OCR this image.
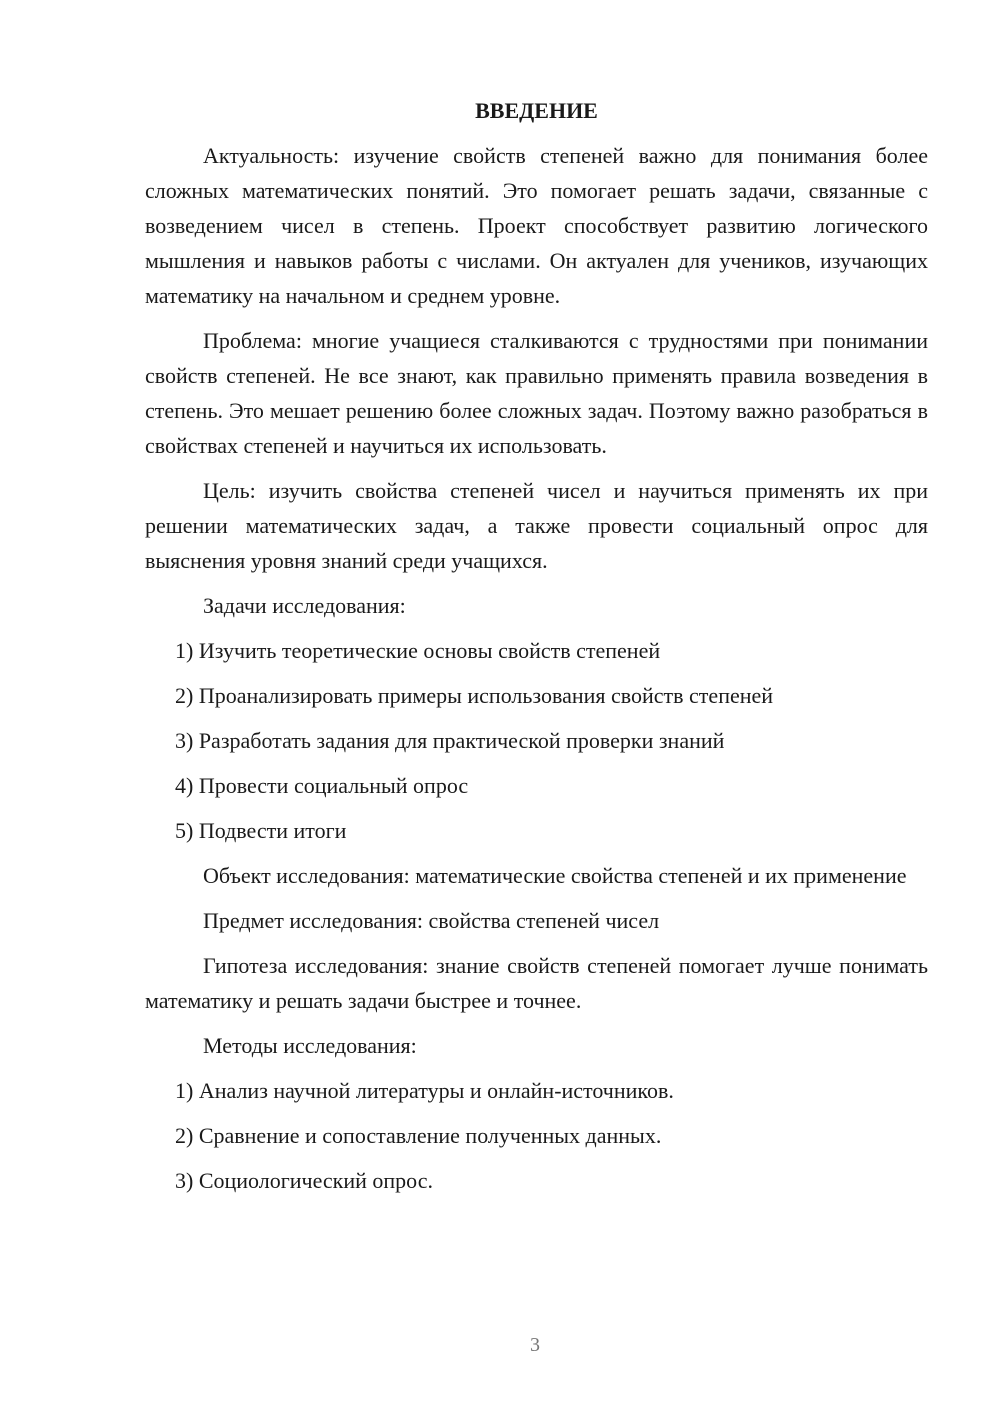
ВВЕДЕНИЕ

Актуальность: изучение свойств степеней важно для понимания более сложных математических понятий. Это помогает решать задачи, связанные с возведением чисел в степень. Проект способствует развитию логического мышления и навыков работы с числами. Он актуален для учеников, изучающих математику на начальном и среднем уровне.

Проблема: многие учащиеся сталкиваются с трудностями при понимании свойств степеней. Не все знают, как правильно применять правила возведения в степень. Это мешает решению более сложных задач. Поэтому важно разобраться в свойствах степеней и научиться их использовать.

Цель: изучить свойства степеней чисел и научиться применять их при решении математических задач, а также провести социальный опрос для выяснения уровня знаний среди учащихся.

Задачи исследования:
1) Изучить теоретические основы свойств степеней
2) Проанализировать примеры использования свойств степеней
3) Разработать задания для практической проверки знаний
4) Провести социальный опрос
5) Подвести итоги

Объект исследования: математические свойства степеней и их применение

Предмет исследования: свойства степеней чисел

Гипотеза исследования: знание свойств степеней помогает лучше понимать математику и решать задачи быстрее и точнее.

Методы исследования:
1) Анализ научной литературы и онлайн-источников.
2) Сравнение и сопоставление полученных данных.
3) Социологический опрос.
3
